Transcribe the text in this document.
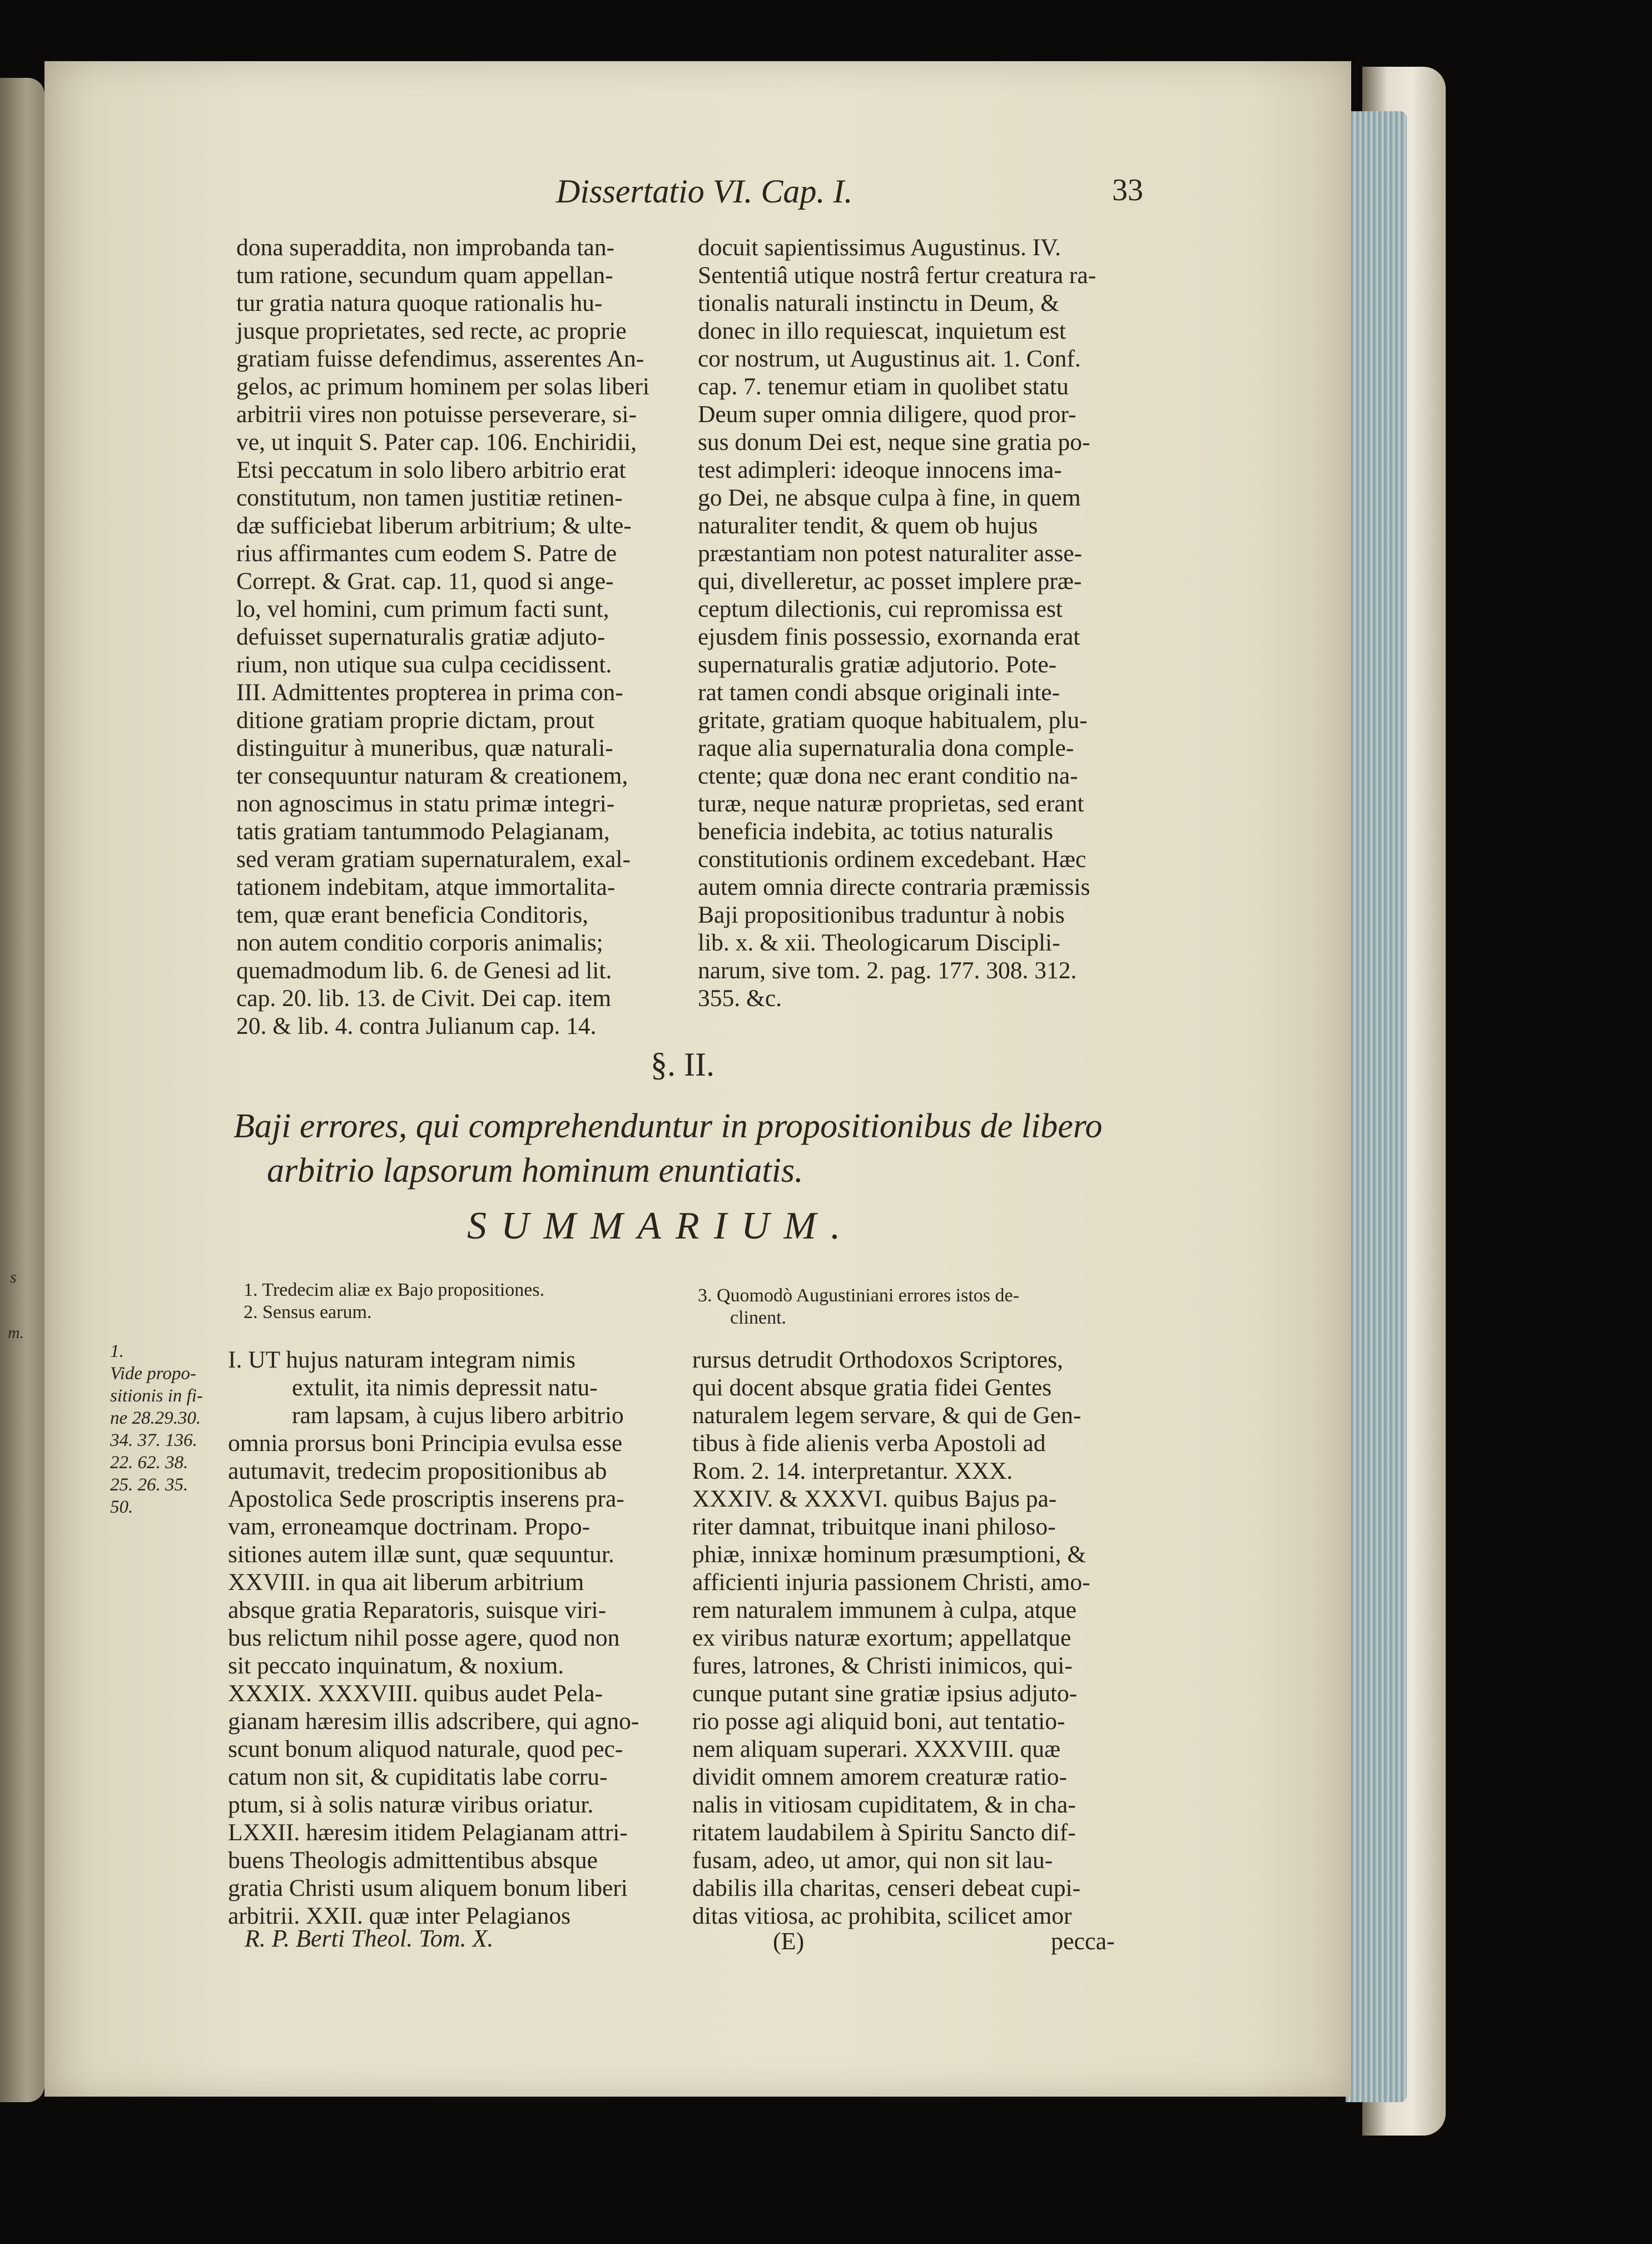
s
m.
Dissertatio VI. Cap. I.	33
dona superaddita, non improbanda tan-
tum ratione, secundum quam appellan-
tur gratia natura quoque rationalis hu-
jusque proprietates, sed recte, ac proprie
gratiam fuisse defendimus, asserentes An-
gelos, ac primum hominem per solas liberi
arbitrii vires non potuisse perseverare, si-
ve, ut inquit S. Pater cap. 106. Enchiridii,
Etsi peccatum in solo libero arbitrio erat
constitutum, non tamen justitiæ retinen-
dæ sufficiebat liberum arbitrium; & ulte-
rius affirmantes cum eodem S. Patre de
Corrept. & Grat. cap. 11, quod si ange-
lo, vel homini, cum primum facti sunt,
defuisset supernaturalis gratiæ adjuto-
rium, non utique sua culpa cecidissent.
III. Admittentes propterea in prima con-
ditione gratiam proprie dictam, prout
distinguitur à muneribus, quæ naturali-
ter consequuntur naturam & creationem,
non agnoscimus in statu primæ integri-
tatis gratiam tantummodo Pelagianam,
sed veram gratiam supernaturalem, exal-
tationem indebitam, atque immortalita-
tem, quæ erant beneficia Conditoris,
non autem conditio corporis animalis;
quemadmodum lib. 6. de Genesi ad lit.
cap. 20. lib. 13. de Civit. Dei cap. item
20. & lib. 4. contra Julianum cap. 14.
docuit sapientissimus Augustinus. IV.
Sententiâ utique nostrâ fertur creatura ra-
tionalis naturali instinctu in Deum, &
donec in illo requiescat, inquietum est
cor nostrum, ut Augustinus ait. 1. Conf.
cap. 7. tenemur etiam in quolibet statu
Deum super omnia diligere, quod pror-
sus donum Dei est, neque sine gratia po-
test adimpleri: ideoque innocens ima-
go Dei, ne absque culpa à fine, in quem
naturaliter tendit, & quem ob hujus
præstantiam non potest naturaliter asse-
qui, divelleretur, ac posset implere præ-
ceptum dilectionis, cui repromissa est
ejusdem finis possessio, exornanda erat
supernaturalis gratiæ adjutorio. Pote-
rat tamen condi absque originali inte-
gritate, gratiam quoque habitualem, plu-
raque alia supernaturalia dona comple-
ctente; quæ dona nec erant conditio na-
turæ, neque naturæ proprietas, sed erant
beneficia indebita, ac totius naturalis
constitutionis ordinem excedebant. Hæc
autem omnia directe contraria præmissis
Baji propositionibus traduntur à nobis
lib. x. & xii. Theologicarum Discipli-
narum, sive tom. 2. pag. 177. 308. 312.
355. &c.
§. II.
Baji errores, qui comprehenduntur in propositionibus de libero
arbitrio lapsorum hominum enuntiatis.
SUMMARIUM.
1. Tredecim aliæ ex Bajo propositiones.
2. Sensus earum.
3. Quomodò Augustiniani errores istos de-
clinent.
1.
Vide propo-
sitionis in fi-
ne 28.29.30.
34. 37. 136.
22. 62. 38.
25. 26. 35.
50.
I. UT hujus naturam integram nimis
extulit, ita nimis depressit natu-
ram lapsam, à cujus libero arbitrio
omnia prorsus boni Principia evulsa esse
autumavit, tredecim propositionibus ab
Apostolica Sede proscriptis inserens pra-
vam, erroneamque doctrinam. Propo-
sitiones autem illæ sunt, quæ sequuntur.
XXVIII. in qua ait liberum arbitrium
absque gratia Reparatoris, suisque viri-
bus relictum nihil posse agere, quod non
sit peccato inquinatum, & noxium.
XXXIX. XXXVIII. quibus audet Pela-
gianam hæresim illis adscribere, qui agno-
scunt bonum aliquod naturale, quod pec-
catum non sit, & cupiditatis labe corru-
ptum, si à solis naturæ viribus oriatur.
LXXII. hæresim itidem Pelagianam attri-
buens Theologis admittentibus absque
gratia Christi usum aliquem bonum liberi
arbitrii. XXII. quæ inter Pelagianos
rursus detrudit Orthodoxos Scriptores,
qui docent absque gratia fidei Gentes
naturalem legem servare, & qui de Gen-
tibus à fide alienis verba Apostoli ad
Rom. 2. 14. interpretantur. XXX.
XXXIV. & XXXVI. quibus Bajus pa-
riter damnat, tribuitque inani philoso-
phiæ, innixæ hominum præsumptioni, &
afficienti injuria passionem Christi, amo-
rem naturalem immunem à culpa, atque
ex viribus naturæ exortum; appellatque
fures, latrones, & Christi inimicos, qui-
cunque putant sine gratiæ ipsius adjuto-
rio posse agi aliquid boni, aut tentatio-
nem aliquam superari. XXXVIII. quæ
dividit omnem amorem creaturæ ratio-
nalis in vitiosam cupiditatem, & in cha-
ritatem laudabilem à Spiritu Sancto dif-
fusam, adeo, ut amor, qui non sit lau-
dabilis illa charitas, censeri debeat cupi-
ditas vitiosa, ac prohibita, scilicet amor
R. P. Berti Theol. Tom. X.	(E)	pecca-
